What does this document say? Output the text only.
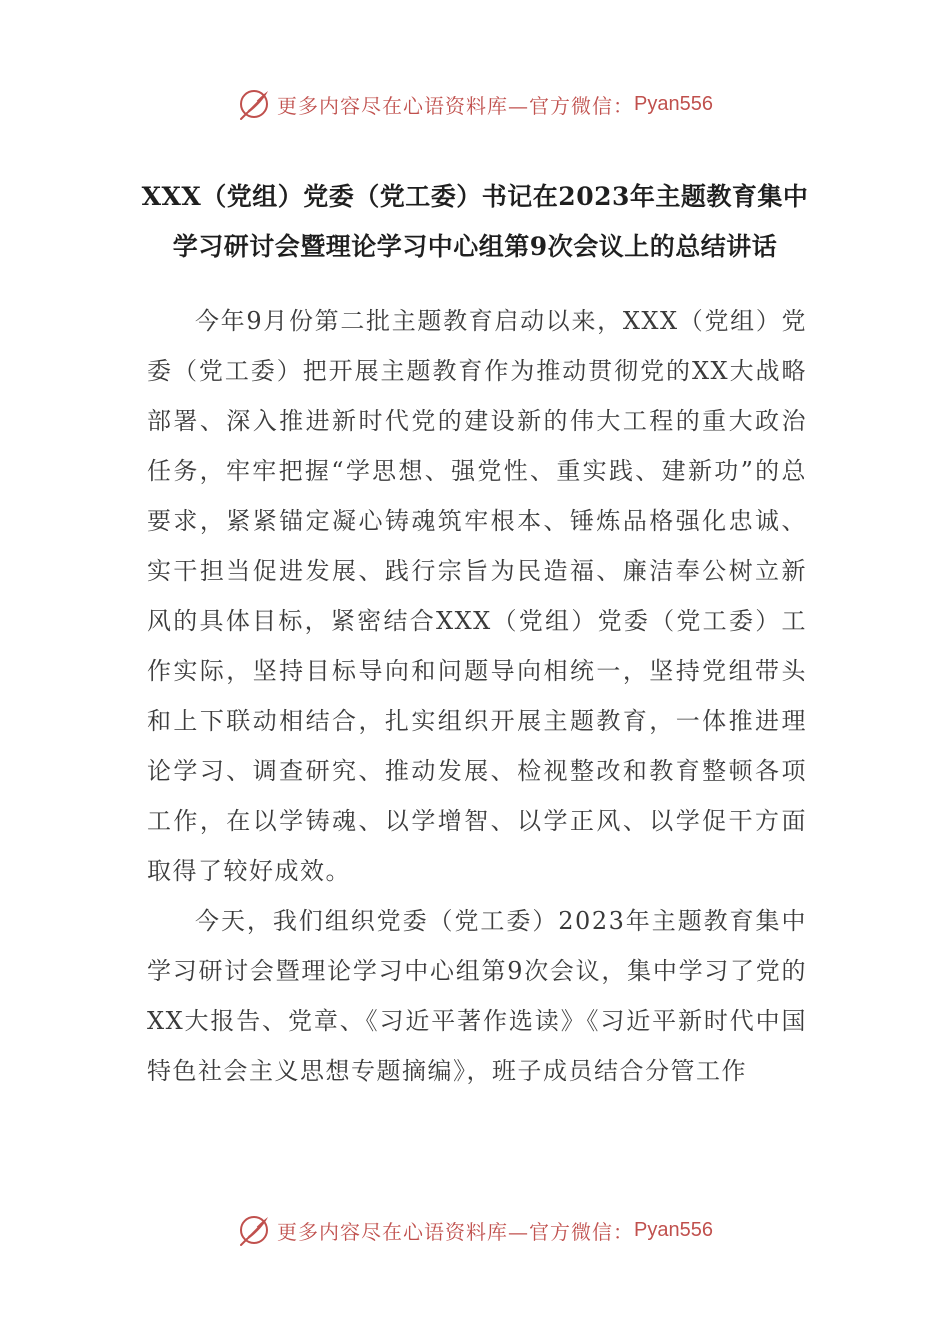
更多内容尽在心语资料库—官方微信： Pyan556
XXX（党组）党委（党工委）书记在2023年主题教育集中学习研讨会暨理论学习中心组第9次会议上的总结讲话

今年9月份第二批主题教育启动以来，XXX（党组）党委（党工委）把开展主题教育作为推动贯彻党的XX大战略部署、深入推进新时代党的建设新的伟大工程的重大政治任务，牢牢把握“学思想、强党性、重实践、建新功”的总要求，紧紧锚定凝心铸魂筑牢根本、锤炼品格强化忠诚、实干担当促进发展、践行宗旨为民造福、廉洁奉公树立新风的具体目标，紧密结合XXX（党组）党委（党工委）工作实际，坚持目标导向和问题导向相统一，坚持党组带头和上下联动相结合，扎实组织开展主题教育，一体推进理论学习、调查研究、推动发展、检视整改和教育整顿各项工作，在以学铸魂、以学增智、以学正风、以学促干方面取得了较好成效。

今天，我们组织党委（党工委）2023年主题教育集中学习研讨会暨理论学习中心组第9次会议，集中学习了党的XX大报告、党章、《习近平著作选读》《习近平新时代中国特色社会主义思想专题摘编》，班子成员结合分管工作

更多内容尽在心语资料库—官方微信： Pyan556
